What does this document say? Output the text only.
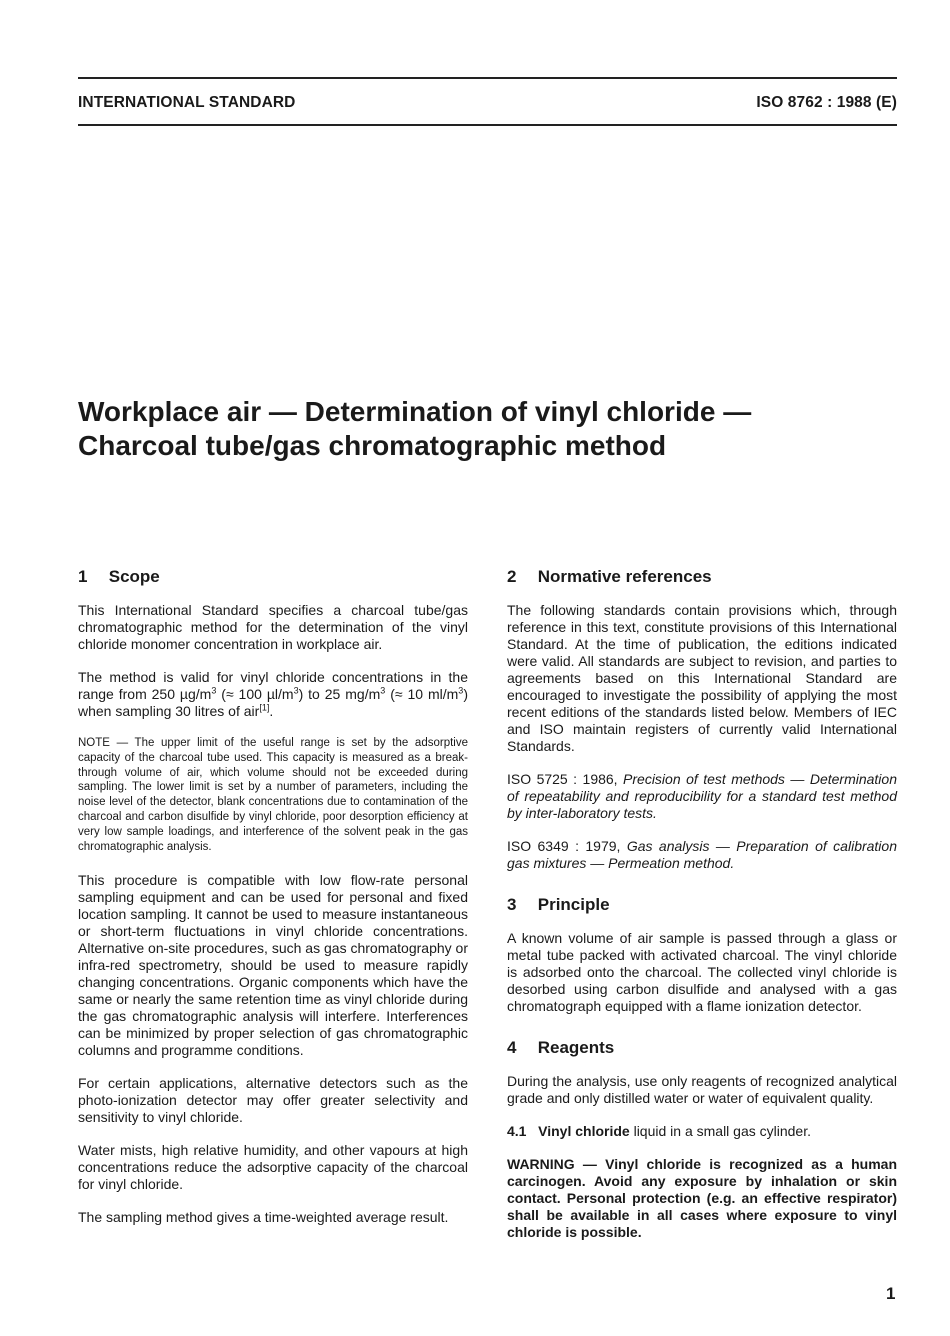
INTERNATIONAL STANDARD	ISO 8762 : 1988 (E)
Workplace air — Determination of vinyl chloride —
Charcoal tube/gas chromatographic method
1 Scope

This International Standard specifies a charcoal tube/gas chromatographic method for the determination of the vinyl chloride monomer concentration in workplace air.

The method is valid for vinyl chloride concentrations in the range from 250 $\mu g/m^3$ (≈ 100 $\mu l/m^3$) to 25 $mg/m^3$ (≈ 10 $ml/m^3$) when sampling 30 litres of air[1].

NOTE — The upper limit of the useful range is set by the adsorptive capacity of the charcoal tube used. This capacity is measured as a break-through volume of air, which volume should not be exceeded during sampling. The lower limit is set by a number of parameters, including the noise level of the detector, blank concentrations due to contamination of the charcoal and carbon disulfide by vinyl chloride, poor desorption efficiency at very low sample loadings, and interference of the solvent peak in the gas chromatographic analysis.

This procedure is compatible with low flow-rate personal sampling equipment and can be used for personal and fixed location sampling. It cannot be used to measure instantaneous or short-term fluctuations in vinyl chloride concentrations. Alternative on-site procedures, such as gas chromatography or infra-red spectrometry, should be used to measure rapidly changing concentrations. Organic components which have the same or nearly the same retention time as vinyl chloride during the gas chromatographic analysis will interfere. Interferences can be minimized by proper selection of gas chromatographic columns and programme conditions.

For certain applications, alternative detectors such as the photo-ionization detector may offer greater selectivity and sensitivity to vinyl chloride.

Water mists, high relative humidity, and other vapours at high concentrations reduce the adsorptive capacity of the charcoal for vinyl chloride.

The sampling method gives a time-weighted average result.

2 Normative references

The following standards contain provisions which, through reference in this text, constitute provisions of this International Standard. At the time of publication, the editions indicated were valid. All standards are subject to revision, and parties to agreements based on this International Standard are encouraged to investigate the possibility of applying the most recent editions of the standards listed below. Members of IEC and ISO maintain registers of currently valid International Standards.

ISO 5725 : 1986, Precision of test methods — Determination of repeatability and reproducibility for a standard test method by inter-laboratory tests.

ISO 6349 : 1979, Gas analysis — Preparation of calibration gas mixtures — Permeation method.

3 Principle

A known volume of air sample is passed through a glass or metal tube packed with activated charcoal. The vinyl chloride is adsorbed onto the charcoal. The collected vinyl chloride is desorbed using carbon disulfide and analysed with a gas chromatograph equipped with a flame ionization detector.

4 Reagents

During the analysis, use only reagents of recognized analytical grade and only distilled water or water of equivalent quality.

4.1 Vinyl chloride liquid in a small gas cylinder.

WARNING — Vinyl chloride is recognized as a human carcinogen. Avoid any exposure by inhalation or skin contact. Personal protection (e.g. an effective respirator) shall be available in all cases where exposure to vinyl chloride is possible.

1
